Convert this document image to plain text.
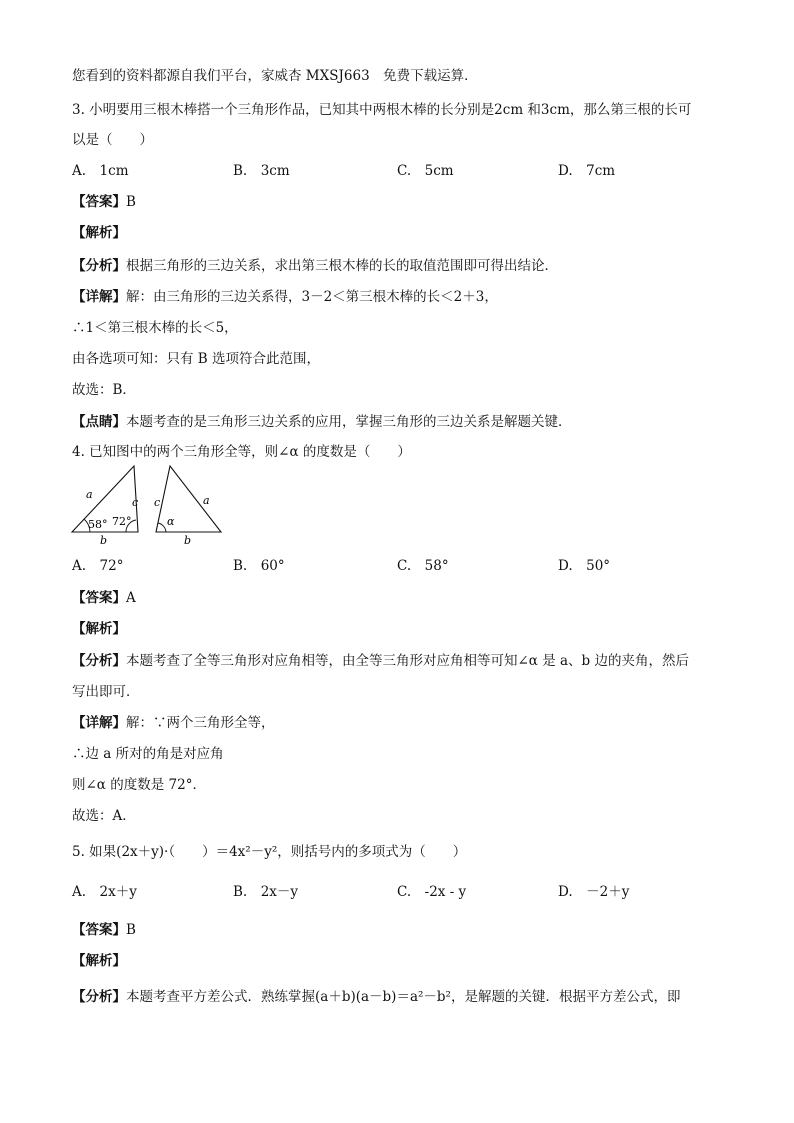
您看到的资料都源自我们平台，家威杏 MXSJ663　免费下载运算．
3. 小明要用三根木棒搭一个三角形作品，已知其中两根木棒的长分别是2cm 和3cm，那么第三根的长可
以是（　　）
A.　1cm	B.　3cm	C.　5cm	D.　7cm
【答案】B
【解析】
【分析】根据三角形的三边关系，求出第三根木棒的长的取值范围即可得出结论．
【详解】解：由三角形的三边关系得，3－2＜第三根木棒的长＜2＋3，
∴1＜第三根木棒的长＜5，
由各选项可知：只有 B 选项符合此范围，
故选：B．
【点睛】本题考查的是三角形三边关系的应用，掌握三角形的三边关系是解题关键．
4. 已知图中的两个三角形全等，则∠α 的度数是（　　）
a
c
b
58° 72°
c	a
b
α
A.　72°	B.　60°	C.　58°	D.　50°
【答案】A
【解析】
【分析】本题考查了全等三角形对应角相等，由全等三角形对应角相等可知∠α 是 a、b 边的夹角，然后
写出即可．
【详解】解：∵两个三角形全等，
∴边 a 所对的角是对应角
则∠α 的度数是 72°．
故选：A．
5. 如果(2x＋y)·（　　）＝4x²－y²，则括号内的多项式为（　　）
A.　2x＋y	B.　2x－y	C.　-2x - y	D.　－2＋y
【答案】B
【解析】
【分析】本题考查平方差公式．熟练掌握(a＋b)(a－b)＝a²－b²，是解题的关键．根据平方差公式，即
